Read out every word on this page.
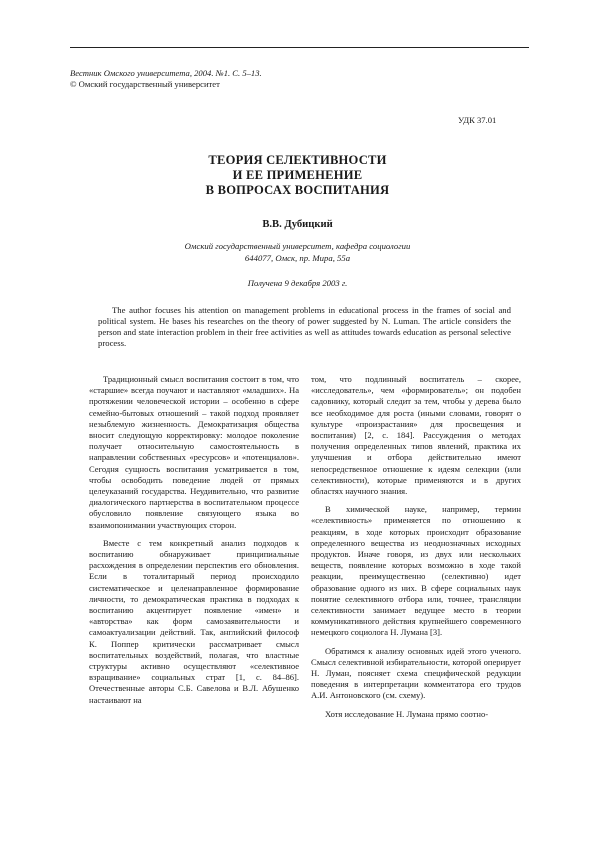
Вестник Омского университета, 2004. №1. С. 5–13.
© Омский государственный университет
УДК 37.01
ТЕОРИЯ СЕЛЕКТИВНОСТИ
И ЕЕ ПРИМЕНЕНИЕ
В ВОПРОСАХ ВОСПИТАНИЯ
В.В. Дубицкий
Омский государственный университет, кафедра социологии
644077, Омск, пр. Мира, 55а
Получена 9 декабря 2003 г.
The author focuses his attention on management problems in educational process in the frames of social and political system. He bases his researches on the theory of power suggested by N. Luman. The article considers the person and state interaction problem in their free activities as well as attitudes towards education as personal selective process.

Традиционный смысл воспитания состоит в том, что «старшие» всегда поучают и наставляют «младших». На протяжении человеческой истории – особенно в сфере семейно-бытовых отношений – такой подход проявляет незыблемую жизненность. Демократизация общества вносит следующую корректировку: молодое поколение получает относительную самостоятельность в направлении собственных «ресурсов» и «потенциалов». Сегодня сущность воспитания усматривается в том, чтобы освободить поведение людей от прямых целеуказаний государства. Неудивительно, что развитие диалогического партнерства в воспитательном процессе обусловило появление связующего языка во взаимопонимании участвующих сторон.

Вместе с тем конкретный анализ подходов к воспитанию обнаруживает принципиальные расхождения в определении перспектив его обновления. Если в тоталитарный период происходило систематическое и целенаправленное формирование личности, то демократическая практика в подходах к воспитанию акцентирует появление «имен» и «авторства» как форм самозаявительности и самоактуализации действий. Так, английский философ К. Поппер критически рассматривает смысл воспитательных воздействий, полагая, что властные структуры активно осуществляют «селективное взращивание» социальных страт [1, с. 84–86]. Отечественные авторы С.Б. Савелова и В.Л. Абушенко настаивают на

том, что подлинный воспитатель – скорее, «исследователь», чем «формирователь»; он подобен садовнику, который следит за тем, чтобы у дерева было все необходимое для роста (иными словами, говорят о культуре «произрастания» для просвещения и воспитания) [2, с. 184]. Рассуждения о методах получения определенных типов явлений, практика их улучшения и отбора действительно имеют непосредственное отношение к идеям селекции (или селективности), которые применяются и в других областях научного знания.

В химической науке, например, термин «селективность» применяется по отношению к реакциям, в ходе которых происходит образование определенного вещества из неоднозначных исходных продуктов. Иначе говоря, из двух или нескольких веществ, появление которых возможно в ходе такой реакции, преимущественно (селективно) идет образование одного из них. В сфере социальных наук понятие селективного отбора или, точнее, трансляции селективности занимает ведущее место в теории коммуникативного действия крупнейшего современного немецкого социолога Н. Лумана [3].

Обратимся к анализу основных идей этого ученого. Смысл селективной избирательности, которой оперирует Н. Луман, поясняет схема специфической редукции поведения в интерпретации комментатора его трудов А.И. Антоновского (см. схему).

Хотя исследование Н. Лумана прямо соотно-
